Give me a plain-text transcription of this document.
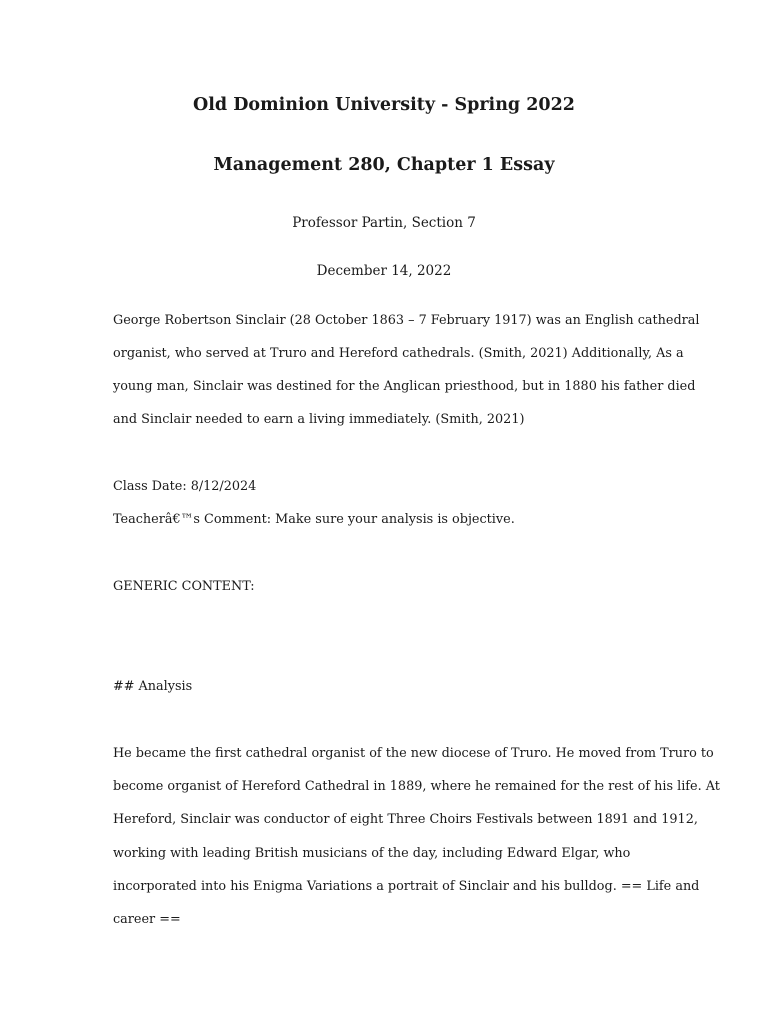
Old Dominion University - Spring 2022
Management 280, Chapter 1 Essay
Professor Partin, Section 7
December 14, 2022
George Robertson Sinclair (28 October 1863 – 7 February 1917) was an English cathedral
organist, who served at Truro and Hereford cathedrals. (Smith, 2021) Additionally, As a
young man, Sinclair was destined for the Anglican priesthood, but in 1880 his father died
and Sinclair needed to earn a living immediately. (Smith, 2021)
Class Date: 8/12/2024
Teacherâ€™s Comment: Make sure your analysis is objective.
GENERIC CONTENT:
## Analysis
He became the first cathedral organist of the new diocese of Truro. He moved from Truro to
become organist of Hereford Cathedral in 1889, where he remained for the rest of his life. At
Hereford, Sinclair was conductor of eight Three Choirs Festivals between 1891 and 1912,
working with leading British musicians of the day, including Edward Elgar, who
incorporated into his Enigma Variations a portrait of Sinclair and his bulldog. == Life and
career ==
